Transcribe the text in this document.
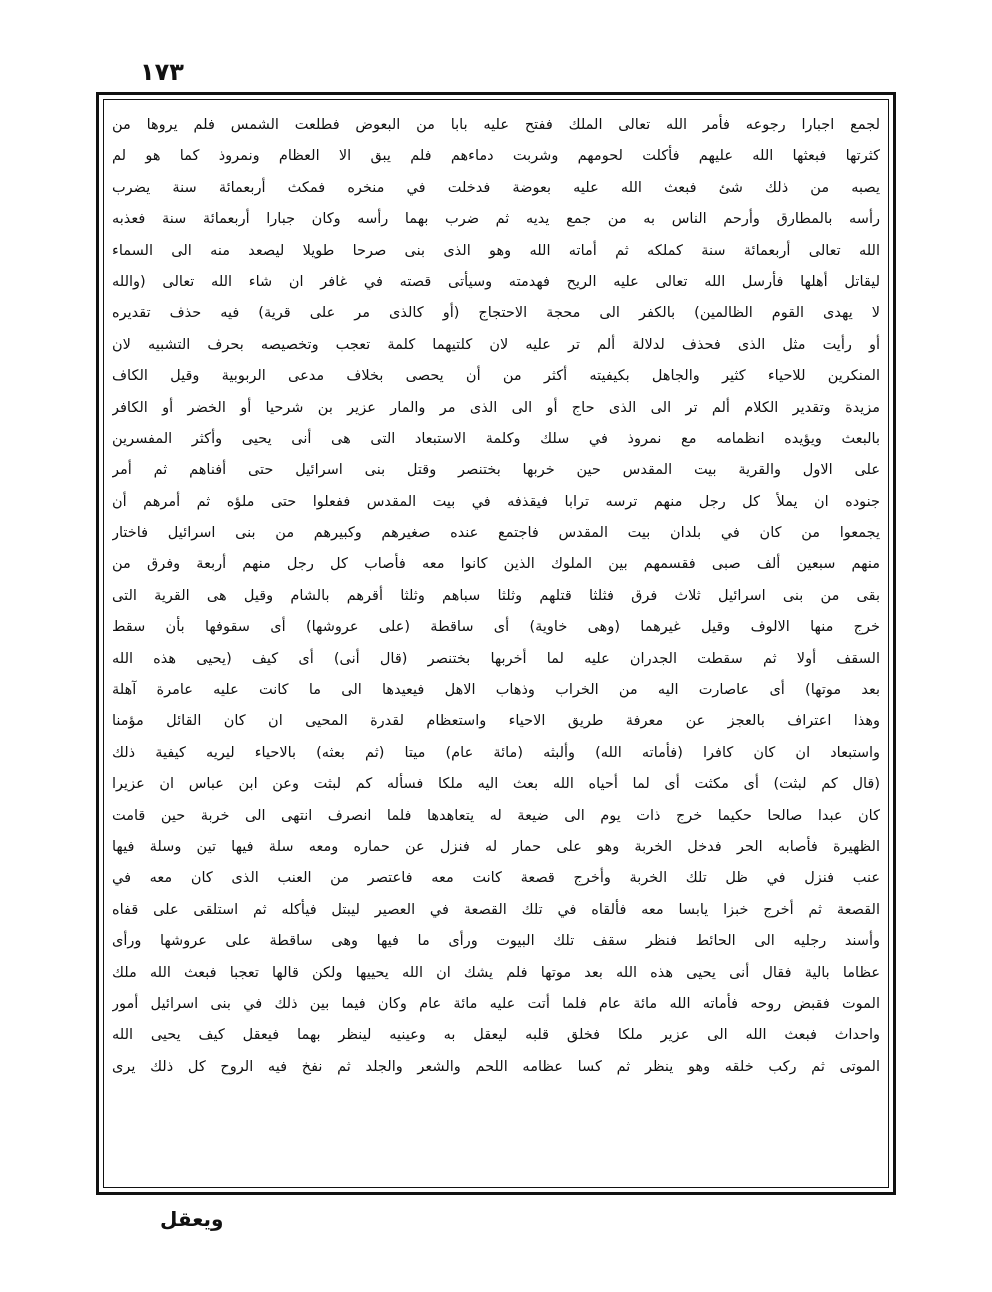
١٧٣
لجمع اجبارا رجوعه فأمر الله تعالى الملك ففتح عليه بابا من البعوض فطلعت الشمس فلم يروها من
كثرتها فبعثها الله عليهم فأكلت لحومهم وشربت دماءهم فلم يبق الا العظام ونمروذ كما هو لم
يصبه من ذلك شئ فبعث الله عليه بعوضة فدخلت في منخره فمكث أربعمائة سنة يضرب
رأسه بالمطارق وأرحم الناس به من جمع يديه ثم ضرب بهما رأسه وكان جبارا أربعمائة سنة فعذبه
الله تعالى أربعمائة سنة كملكه ثم أماته الله وهو الذى بنى صرحا طويلا ليصعد منه الى السماء
ليقاتل أهلها فأرسل الله تعالى عليه الريح فهدمته وسيأتى قصته في غافر ان شاء الله تعالى (والله
لا يهدى القوم الظالمين) بالكفر الى محجة الاحتجاج (أو كالذى مر على قرية) فيه حذف تقديره
أو رأيت مثل الذى فحذف لدلالة ألم تر عليه لان كلتيهما كلمة تعجب وتخصيصه بحرف التشبيه لان
المنكرين للاحياء كثير والجاهل بكيفيته أكثر من أن يحصى بخلاف مدعى الربوبية وقيل الكاف
مزيدة وتقدير الكلام ألم تر الى الذى حاج أو الى الذى مر والمار عزير بن شرحيا أو الخضر أو الكافر
بالبعث ويؤيده انظمامه مع نمروذ في سلك وكلمة الاستبعاد التى هى أنى يحيى وأكثر المفسرين
على الاول والقرية بيت المقدس حين خربها بختنصر وقتل بنى اسرائيل حتى أفناهم ثم أمر
جنوده ان يملأ كل رجل منهم ترسه ترابا فيقذفه في بيت المقدس ففعلوا حتى ملؤه ثم أمرهم أن
يجمعوا من كان في بلدان بيت المقدس فاجتمع عنده صغيرهم وكبيرهم من بنى اسرائيل فاختار
منهم سبعين ألف صبى فقسمهم بين الملوك الذين كانوا معه فأصاب كل رجل منهم أربعة وفرق من
بقى من بنى اسرائيل ثلاث فرق فثلثا قتلهم وثلثا سباهم وثلثا أقرهم بالشام وقيل هى القرية التى
خرج منها الالوف وقيل غيرهما (وهى خاوية) أى ساقطة (على عروشها) أى سقوفها بأن سقط
السقف أولا ثم سقطت الجدران عليه لما أخربها بختنصر (قال أنى) أى كيف (يحيى هذه الله
بعد موتها) أى عاصارت اليه من الخراب وذهاب الاهل فيعيدها الى ما كانت عليه عامرة آهلة
وهذا اعتراف بالعجز عن معرفة طريق الاحياء واستعظام لقدرة المحيى ان كان القائل مؤمنا
واستبعاد ان كان كافرا (فأماته الله) وألبثه (مائة عام) ميتا (ثم بعثه) بالاحياء ليريه كيفية ذلك
(قال كم لبثت) أى مكثت أى لما أحياه الله بعث اليه ملكا فسأله كم لبثت وعن ابن عباس ان عزيرا
كان عبدا صالحا حكيما خرج ذات يوم الى ضيعة له يتعاهدها فلما انصرف انتهى الى خربة حين قامت
الظهيرة فأصابه الحر فدخل الخربة وهو على حمار له فنزل عن حماره ومعه سلة فيها تين وسلة فيها
عنب فنزل في ظل تلك الخربة وأخرج قصعة كانت معه فاعتصر من العنب الذى كان معه في
القصعة ثم أخرج خبزا يابسا معه فألقاه في تلك القصعة في العصير ليبتل فيأكله ثم استلقى على قفاه
وأسند رجليه الى الحائط فنظر سقف تلك البيوت ورأى ما فيها وهى ساقطة على عروشها ورأى
عظاما بالية فقال أنى يحيى هذه الله بعد موتها فلم يشك ان الله يحييها ولكن قالها تعجبا فبعث الله ملك
الموت فقبض روحه فأماته الله مائة عام فلما أتت عليه مائة عام وكان فيما بين ذلك في بنى اسرائيل أمور
واحداث فبعث الله الى عزير ملكا فخلق قلبه ليعقل به وعينيه لينظر بهما فيعقل كيف يحيى الله
الموتى ثم ركب خلقه وهو ينظر ثم كسا عظامه اللحم والشعر والجلد ثم نفخ فيه الروح كل ذلك يرى
ويعقل
